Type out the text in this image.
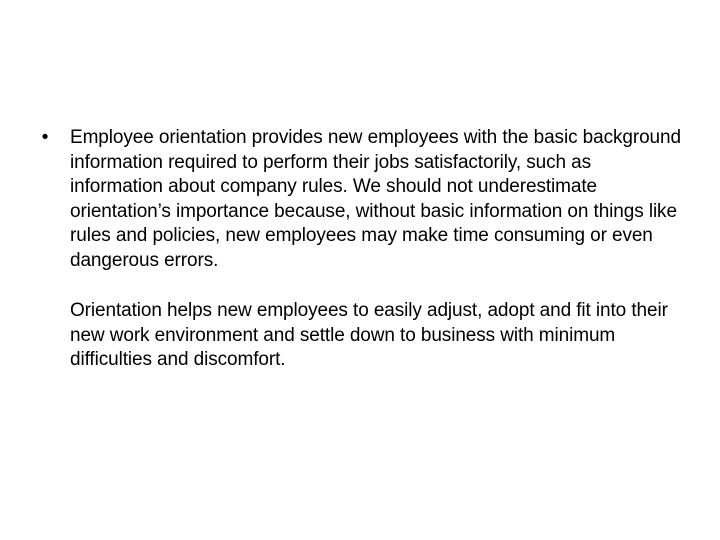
•	Employee orientation provides new employees with the basic background information required to perform their jobs satisfactorily, such as information about company rules. We should not underestimate orientation’s importance because, without basic information on things like rules and policies, new employees may make time consuming or even dangerous errors.
Orientation helps new employees to easily adjust, adopt and fit into their new work environment and settle down to business with minimum difficulties and discomfort.
